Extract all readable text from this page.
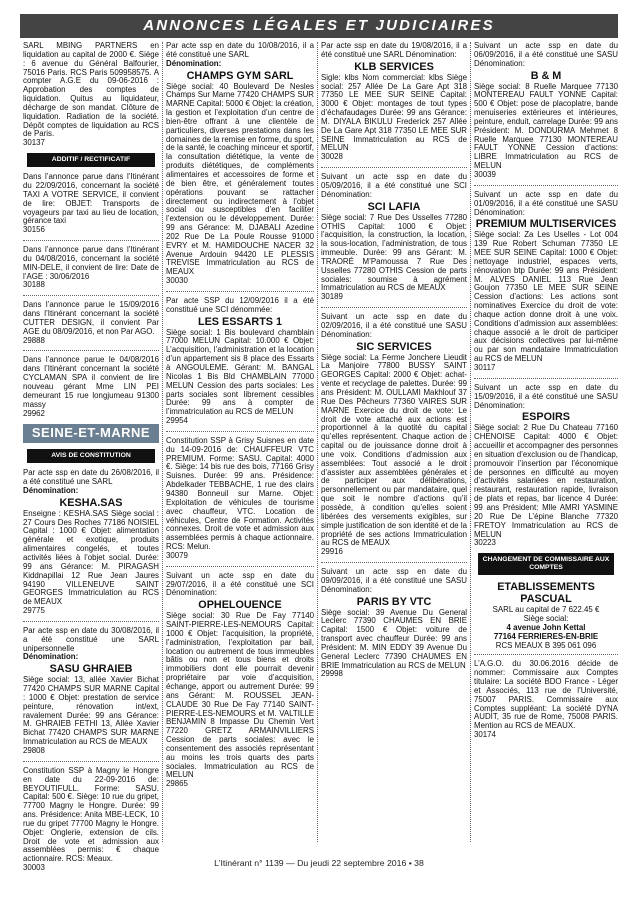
ANNONCES LÉGALES ET JUDICIAIRES

SARL MBING PARTNERS en liquidation au capital de 2000 €. Siège : 6 avenue du Général Balfourier, 75016 Paris. RCS Paris 509958575. A compter A.G.E du 09-06-2016 : Approbation des comptes de liquidation. Quitus au liquidateur, décharge de son mandat. Clôture de liquidation. Radiation de la société. Dépôt comptes de liquidation au RCS de Paris.

30137

ADDITIF / RECTIFICATIF

Dans l’annonce parue dans l’Itinérant du 22/09/2016, concernant la société TAXI A VOTRE SERVICE, il convient de lire: OBJET: Transports de voyageurs par taxi au lieu de location, gérance taxi

30156

Dans l’annonce parue dans l’Itinérant du 04/08/2016, concernant la société MIN-DELE, il convient de lire: Date de l’AGE : 30/06/2016

30188

Dans l’annonce parue le 15/09/2016 dans l’Itinérant concernant la société CUTTER DESIGN, il convient Par AGE du 08/09/2016, et non Par AGO.

29888

Dans l’annonce parue le 04/08/2016 dans l’Itinérant concernant la société CYCLAMAN SPA il convient de lire nouveau gérant Mme LIN PEI demeurant 15 rue longjumeau 91300 massy

29962

SEINE-ET-MARNE
AVIS DE CONSTITUTION

Par acte ssp en date du 26/08/2016, il a été constitué une SARL

Dénomination:

KESHA.SAS

Enseigne : KESHA.SAS Siège social : 27 Cours Des Roches 77186 NOISIEL Capital : 1000 € Objet: alimentation générale et exotique, produits alimentaires congelés, et toutes activités liées à l’objet social. Durée: 99 ans Gérance: M. PIRAGASH Kiddnapillai 12 Rue Jean Jaures 94190 VILLENEUVE SAINT GEORGES Immatriculation au RCS de MEAUX

29775

Par acte ssp en date du 30/08/2016, il a été constitué une SARL unipersonnelle

Dénomination:

SASU GHRAIEB

Siège social: 13, allée Xavier Bichat 77420 CHAMPS SUR MARNE Capital : 1000 € Objet: prestation de service peinture, rénovation int/ext, ravalement Durée: 99 ans Gérance: M. GHRAIEB FETHI 13, Allée Xavier Bichat 77420 CHAMPS SUR MARNE Immatriculation au RCS de MEAUX

29808

Constitution SSP à Magny le Hongre en date du 22-09-2016 de: BEYOUTIFULL. Forme: SASU. Capital: 500 €. Siège: 10 rue du gripet, 77700 Magny le Hongre. Durée: 99 ans. Présidence: Anita MBE-LECK, 10 rue du gripet 77700 Magny le Hongre. Objet: Onglerie, extension de cils. Droit de vote et admission aux assemblées permis: € chaque actionnaire. RCS: Meaux.

30003

Par acte ssp en date du 10/08/2016, il a été constitué une SARL

Dénomination:

CHAMPS GYM SARL

Siège social: 40 Boulevard De Nesles Champs Sur Marne 77420 CHAMPS SUR MARNE Capital: 5000 € Objet: la création, la gestion et l’exploitation d’un centre de bien-être offrant à une clientèle de particuliers, diverses prestations dans les domaines de la remise en forme, du sport, de la santé, le coaching minceur et sportif, la consultation diététique, la vente de produits diététiques, de compléments alimentaires et accessoires de forme et de bien être, et généralement toutes opérations pouvant se rattacher directement ou indirectement à l’objet social ou susceptibles d’en faciliter l’extension ou le développement. Durée: 99 ans Gérance: M. DJABALI Azedine 202 Rue De La Poule Rousse 91000 EVRY et M. HAMIDOUCHE NACER 32 Avenue Ardouin 94420 LE PLESSIS TREVISE Immatriculation au RCS de MEAUX

30030

Par acte SSP du 12/09/2016 il a été constitué une SCI dénommée:

LES ESSARTS 1

Siège social: 1 Bis boulevard chamblain 77000 MELUN Capital: 10.000 € Objet: L’acquisition, l’administration et la location d’un appartement sis 8 place des Essarts à ANGOULEME. Gérant: M. BANGAL Nicolas 1 Bis Bld CHAMBLAIN 77000 MELUN Cession des parts sociales: Les parts sociales sont librement cessibles Durée: 99 ans à compter de l’immatriculation au RCS de MELUN

29954

Constitution SSP à Grisy Suisnes en date du 14-09-2016 de: CHAUFFEUR VTC PREMIUM. Forme: SASU. Capital: 4000 €. Siège: 14 bis rue des bois, 77166 Grisy Suisnes. Durée: 99 ans. Présidence: Abdelkader TEBBACHE, 1 rue des clairs 94380 Bonneuil sur Marne. Objet: Exploitation de véhicules de tourisme avec chauffeur, VTC. Location de véhicules, Centre de Formation. Activités connexes. Droit de vote et admission aux assemblées permis à chaque actionnaire. RCS: Melun.

30079

Suivant un acte ssp en date du 29/07/2016, il a été constitué une SCI Dénomination:

OPHELOUENCE

Siège social: 30 Rue De Fay 77140 SAINT-PIERRE-LES-NEMOURS Capital: 1000 € Objet: l’acquisition, la propriété, l’administration, l’exploitation par bail, location ou autrement de tous immeubles bâtis ou non et tous biens et droits immobiliers dont elle pourrait devenir propriétaire par voie d’acquisition, échange, apport ou autrement Durée: 99 ans Gérant: M. ROUSSEL JEAN-CLAUDE 30 Rue De Fay 77140 SAINT-PIERRE-LES-NEMOURS et M. VALTILLE BENJAMIN 8 Impasse Du Chemin Vert 77220 GRETZ ARMAINVILLIERS Cession de parts sociales: avec le consentement des associés représentant au moins les trois quarts des parts sociales. Immatriculation au RCS de MELUN

29865

Par acte ssp en date du 19/08/2016, il a été constitué une SARL Dénomination:

KLB SERVICES

Sigle: klbs Nom commercial: klbs Siège social: 257 Allée De La Gare Apt 318 77350 LE MEE SUR SEINE Capital: 3000 € Objet: montages de tout types d’échafaudages Durée: 99 ans Gérance: M. DIYALA BIKULU Frederick 257 Allée De La Gare Apt 318 77350 LE MEE SUR SEINE Immatriculation au RCS de MELUN

30028

Suivant un acte ssp en date du 05/09/2016, il a été constitué une SCI Dénomination:

SCI LAFIA

Siège social: 7 Rue Des Usselles 77280 OTHIS Capital: 1000 € Objet: l’acquisition, la construction, la location, la sous-location, l’administration, de tous immeuble. Durée: 99 ans Gérant: M. TRAORÉ M’Pamoussa 7 Rue Des Usselles 77280 OTHIS Cession de parts sociales: soumise à agrément Immatriculation au RCS de MEAUX

30189

Suivant un acte ssp en date du 02/09/2016, il a été constitué une SASU Dénomination:

SIC SERVICES

Siège social: La Ferme Jonchere Lieudit La Manjoire 77800 BUSSY SAINT GEORGES Capital: 2000 € Objet: achat-vente et recyclage de palettes. Durée: 99 ans Président: M. OULLAMI Makhlouf 37 Rue Des Pêcheurs 77360 VAIRES SUR MARNE Exercice du droit de vote: Le droit de vote attaché aux actions est proportionnel à la quotité du capital qu’elles représentent. Chaque action de capital ou de jouissance donne droit à une voix. Conditions d’admission aux assemblées: Tout associé a le droit d’assister aux assemblées générales et de participer aux délibérations, personnellement ou par mandataire, quel que soit le nombre d’actions qu’il possède, à condition qu’elles soient libérées des versements exigibles, sur simple justification de son identité et de la propriété de ses actions Immatriculation au RCS de MEAUX

29916

Suivant un acte ssp en date du 09/09/2016, il a été constitué une SASU Dénomination:

PARIS BY VTC

Siège social: 39 Avenue Du General Leclerc 77390 CHAUMES EN BRIE Capital: 1500 € Objet: voiture de transport avec chauffeur Durée: 99 ans Président: M. MIN EDDY 39 Avenue Du General Leclerc 77390 CHAUMES EN BRIE Immatriculation au RCS de MELUN

29998

Suivant un acte ssp en date du 06/09/2016, il a été constitué une SASU Dénomination:

B & M

Siège social: 8 Ruelle Marquee 77130 MONTEREAU FAULT YONNE Capital: 500 € Objet: pose de placoplatre, bande menuiseries extérieures et intérieures, peinture, enduit, carrelage Durée: 99 ans Président: M. DONDURMA Mehmet 8 Ruelle Marquee 77130 MONTEREAU FAULT YONNE Cession d’actions: LIBRE Immatriculation au RCS de MELUN

30039

Suivant un acte ssp en date du 01/09/2016, il a été constitué une SASU Dénomination:

PREMIUM MULTISERVICES

Siège social: Za Les Uselles - Lot 004 139 Rue Robert Schuman 77350 LE MEE SUR SEINE Capital: 1000 € Objet: nettoyage industriel, espaces verts, rénovation btp Durée: 99 ans Président: M. ALVES DANIEL 113 Rue Jean Goujon 77350 LE MEE SUR SEINE Cession d’actions: Les actions sont nominatives Exercice du droit de vote: chaque action donne droit à une voix. Conditions d’admission aux assemblées: chaque associé a le droit de participer aux décisions collectives par lui-même ou par son mandataire Immatriculation au RCS de MELUN

30117

Suivant un acte ssp en date du 15/09/2016, il a été constitué une SASU Dénomination:

ESPOIRS

Siège social: 2 Rue Du Chateau 77160 CHENOISE Capital: 4000 € Objet: accueillir et accompagner des personnes en situation d’exclusion ou de l’handicap, promouvoir l’insertion par l’économique de personnes en difficulté au moyen d’activités salariées en restauration, restaurant, restauration rapide, livraison de plats et repas, bar licence 4 Durée: 99 ans Président: Mlle AMRI YASMINE 20 Rue De L’épine Blanche 77320 FRETOY Immatriculation au RCS de MELUN

30223

CHANGEMENT DE COMMISSAIRE AUX COMPTES
ETABLISSEMENTS PASCUAL

SARL au capital de 7 622.45 €

Siège social:

4 avenue John Kettal

77164 FERRIERES-EN-BRIE

RCS MEAUX B 395 061 096

L’A.G.O. du 30.06.2016 décide de nommer: Commissaire aux Comptes titulaire: La société BDO France - Léger et Associés, 113 rue de l’Université, 75007 PARIS. Commissaire aux Comptes suppléant: La société DYNA AUDIT, 35 rue de Rome, 75008 PARIS. Mention au RCS de MEAUX.

30174

L’Itinérant n° 1139 — Du jeudi 22 septembre 2016 • 38
